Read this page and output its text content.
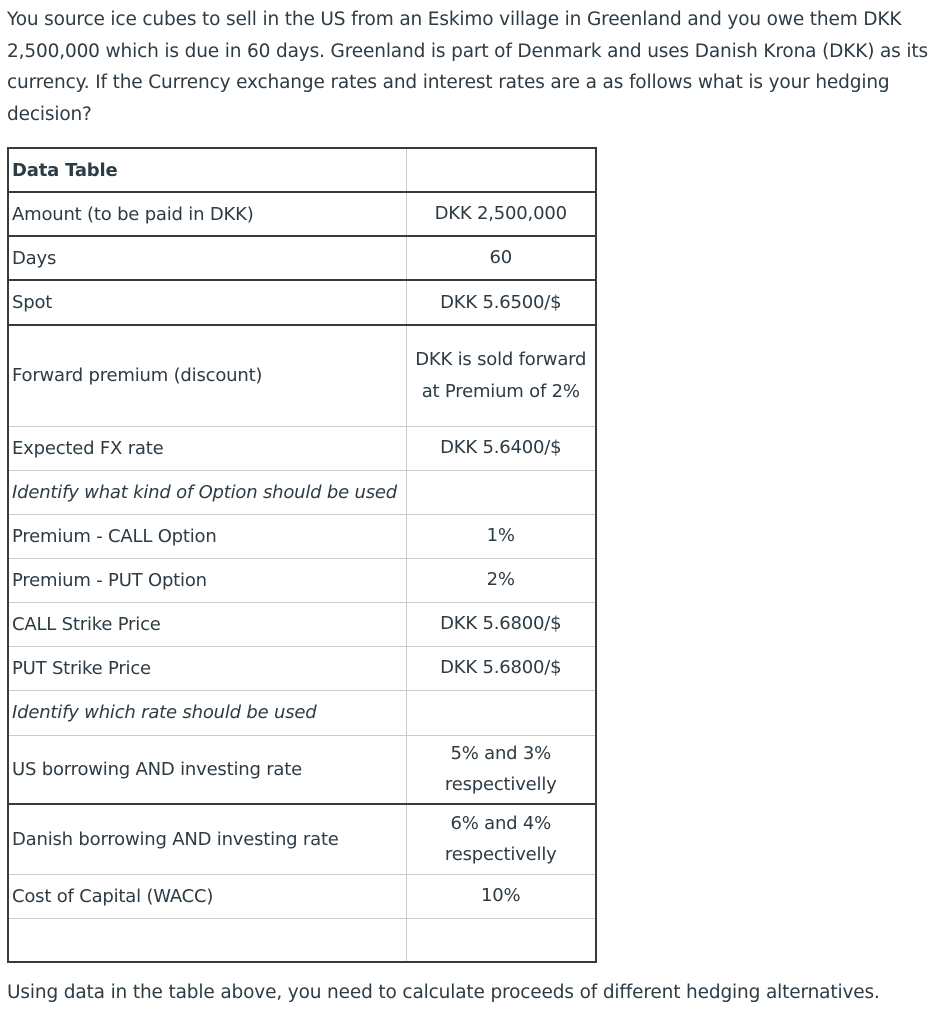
You source ice cubes to sell in the US from an Eskimo village in Greenland and you owe them DKK 2,500,000 which is due in 60 days. Greenland is part of Denmark and uses Danish Krona (DKK) as its currency. If the Currency exchange rates and interest rates are a as follows what is your hedging decision?

Data Table	
Amount (to be paid in DKK)	DKK 2,500,000
Days	60
Spot	DKK 5.6500/$
Forward premium (discount)	DKK is sold forward at Premium of 2%
Expected FX rate	DKK 5.6400/$
Identify what kind of Option should be used	
Premium - CALL Option	1%
Premium - PUT Option	2%
CALL Strike Price	DKK 5.6800/$
PUT Strike Price	DKK 5.6800/$
Identify which rate should be used	
US borrowing AND investing rate	5% and 3% respectivelly
Danish borrowing AND investing rate	6% and 4% respectivelly
Cost of Capital (WACC)	10%

Using data in the table above, you need to calculate proceeds of different hedging alternatives.
